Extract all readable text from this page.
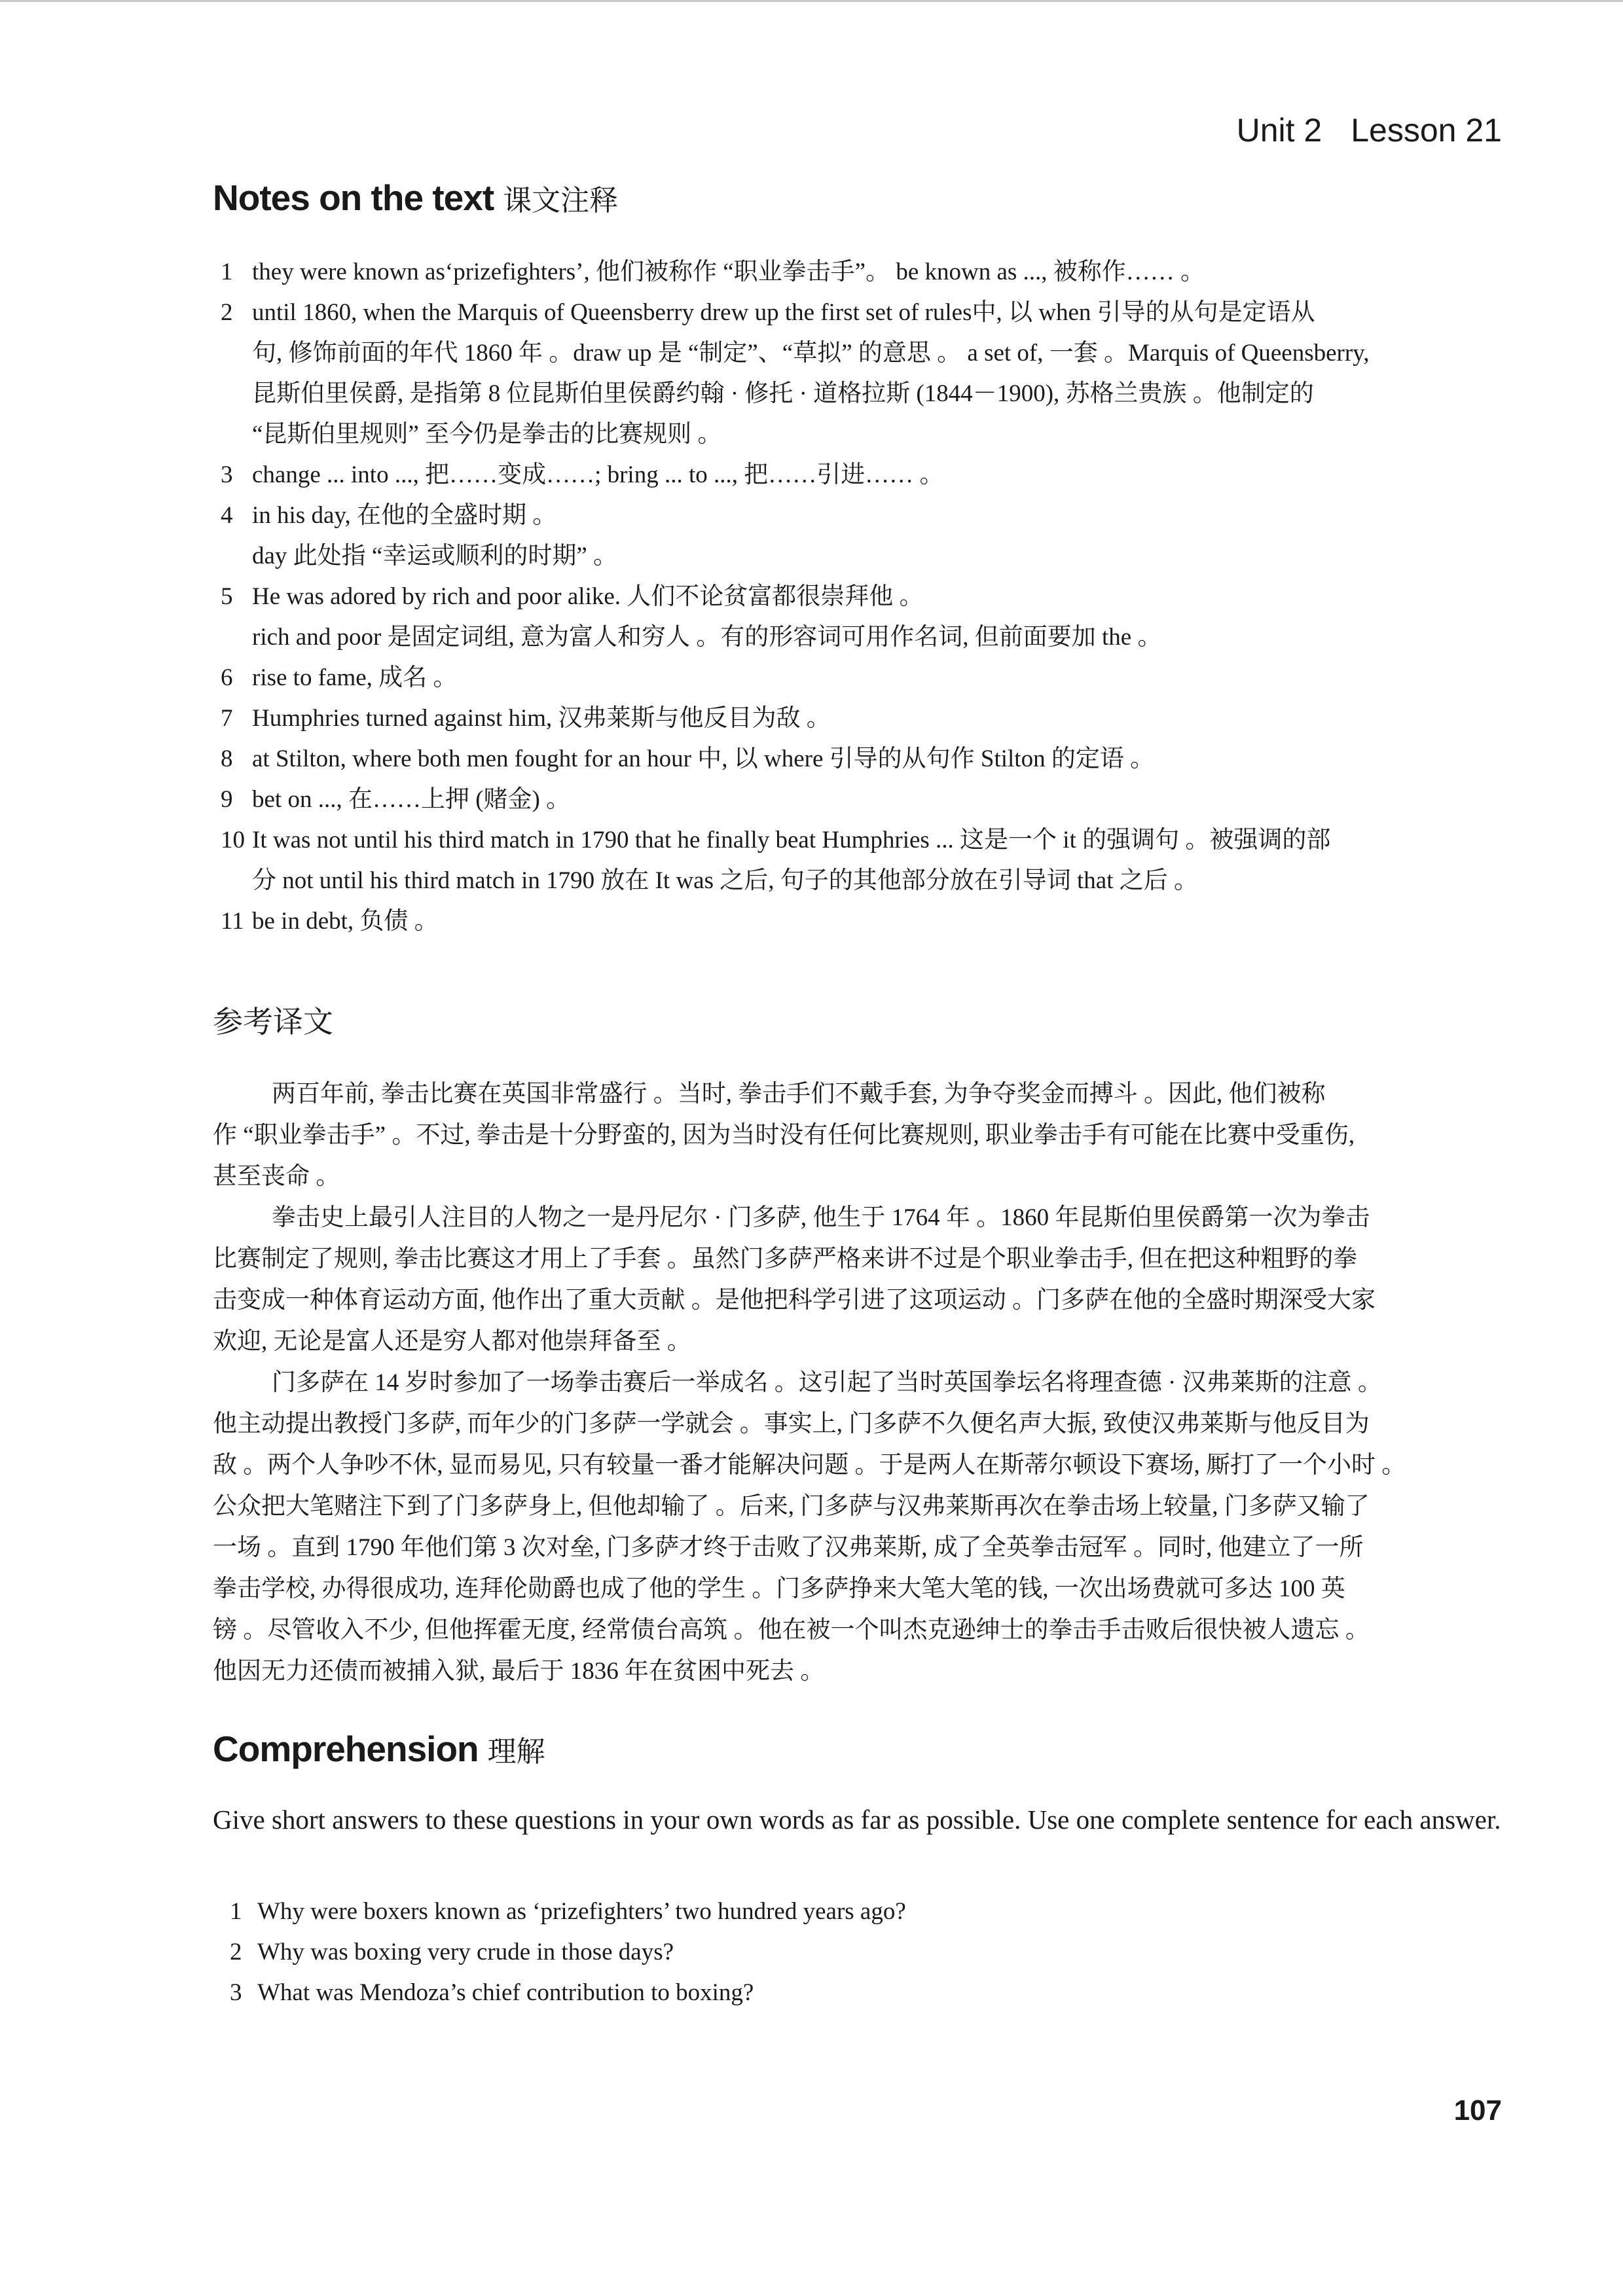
Unit 2 Lesson 21
Notes on the text 课文注释
1 they were known as‘prizefighters’, 他们被称作 “职业拳击手”。 be known as ..., 被称作…… 。
2 until 1860, when the Marquis of Queensberry drew up the first set of rules中, 以 when 引导的从句是定语从
句, 修饰前面的年代 1860 年 。draw up 是 “制定”、“草拟” 的意思 。 a set of, 一套 。Marquis of Queensberry,
昆斯伯里侯爵, 是指第 8 位昆斯伯里侯爵约翰 · 修托 · 道格拉斯 (1844－1900), 苏格兰贵族 。他制定的
“昆斯伯里规则” 至今仍是拳击的比赛规则 。
3 change ... into ..., 把……变成……; bring ... to ..., 把……引进…… 。
4 in his day, 在他的全盛时期 。
day 此处指 “幸运或顺利的时期” 。
5 He was adored by rich and poor alike. 人们不论贫富都很崇拜他 。
rich and poor 是固定词组, 意为富人和穷人 。有的形容词可用作名词, 但前面要加 the 。
6 rise to fame, 成名 。
7 Humphries turned against him, 汉弗莱斯与他反目为敌 。
8 at Stilton, where both men fought for an hour 中, 以 where 引导的从句作 Stilton 的定语 。
9 bet on ..., 在……上押 (赌金) 。
10 It was not until his third match in 1790 that he finally beat Humphries ... 这是一个 it 的强调句 。被强调的部
分 not until his third match in 1790 放在 It was 之后, 句子的其他部分放在引导词 that 之后 。
11 be in debt, 负债 。
参考译文
两百年前, 拳击比赛在英国非常盛行 。当时, 拳击手们不戴手套, 为争夺奖金而搏斗 。因此, 他们被称
作 “职业拳击手” 。不过, 拳击是十分野蛮的, 因为当时没有任何比赛规则, 职业拳击手有可能在比赛中受重伤,
甚至丧命 。
拳击史上最引人注目的人物之一是丹尼尔 · 门多萨, 他生于 1764 年 。1860 年昆斯伯里侯爵第一次为拳击
比赛制定了规则, 拳击比赛这才用上了手套 。虽然门多萨严格来讲不过是个职业拳击手, 但在把这种粗野的拳
击变成一种体育运动方面, 他作出了重大贡献 。是他把科学引进了这项运动 。门多萨在他的全盛时期深受大家
欢迎, 无论是富人还是穷人都对他崇拜备至 。
门多萨在 14 岁时参加了一场拳击赛后一举成名 。这引起了当时英国拳坛名将理查德 · 汉弗莱斯的注意 。
他主动提出教授门多萨, 而年少的门多萨一学就会 。事实上, 门多萨不久便名声大振, 致使汉弗莱斯与他反目为
敌 。两个人争吵不休, 显而易见, 只有较量一番才能解决问题 。于是两人在斯蒂尔顿设下赛场, 厮打了一个小时 。
公众把大笔赌注下到了门多萨身上, 但他却输了 。后来, 门多萨与汉弗莱斯再次在拳击场上较量, 门多萨又输了
一场 。直到 1790 年他们第 3 次对垒, 门多萨才终于击败了汉弗莱斯, 成了全英拳击冠军 。同时, 他建立了一所
拳击学校, 办得很成功, 连拜伦勋爵也成了他的学生 。门多萨挣来大笔大笔的钱, 一次出场费就可多达 100 英
镑 。尽管收入不少, 但他挥霍无度, 经常债台高筑 。他在被一个叫杰克逊绅士的拳击手击败后很快被人遗忘 。
他因无力还债而被捕入狱, 最后于 1836 年在贫困中死去 。
Comprehension 理解
Give short answers to these questions in your own words as far as possible. Use one complete sentence for each answer.
1 Why were boxers known as ‘prizefighters’ two hundred years ago?
2 Why was boxing very crude in those days?
3 What was Mendoza’s chief contribution to boxing?
107
